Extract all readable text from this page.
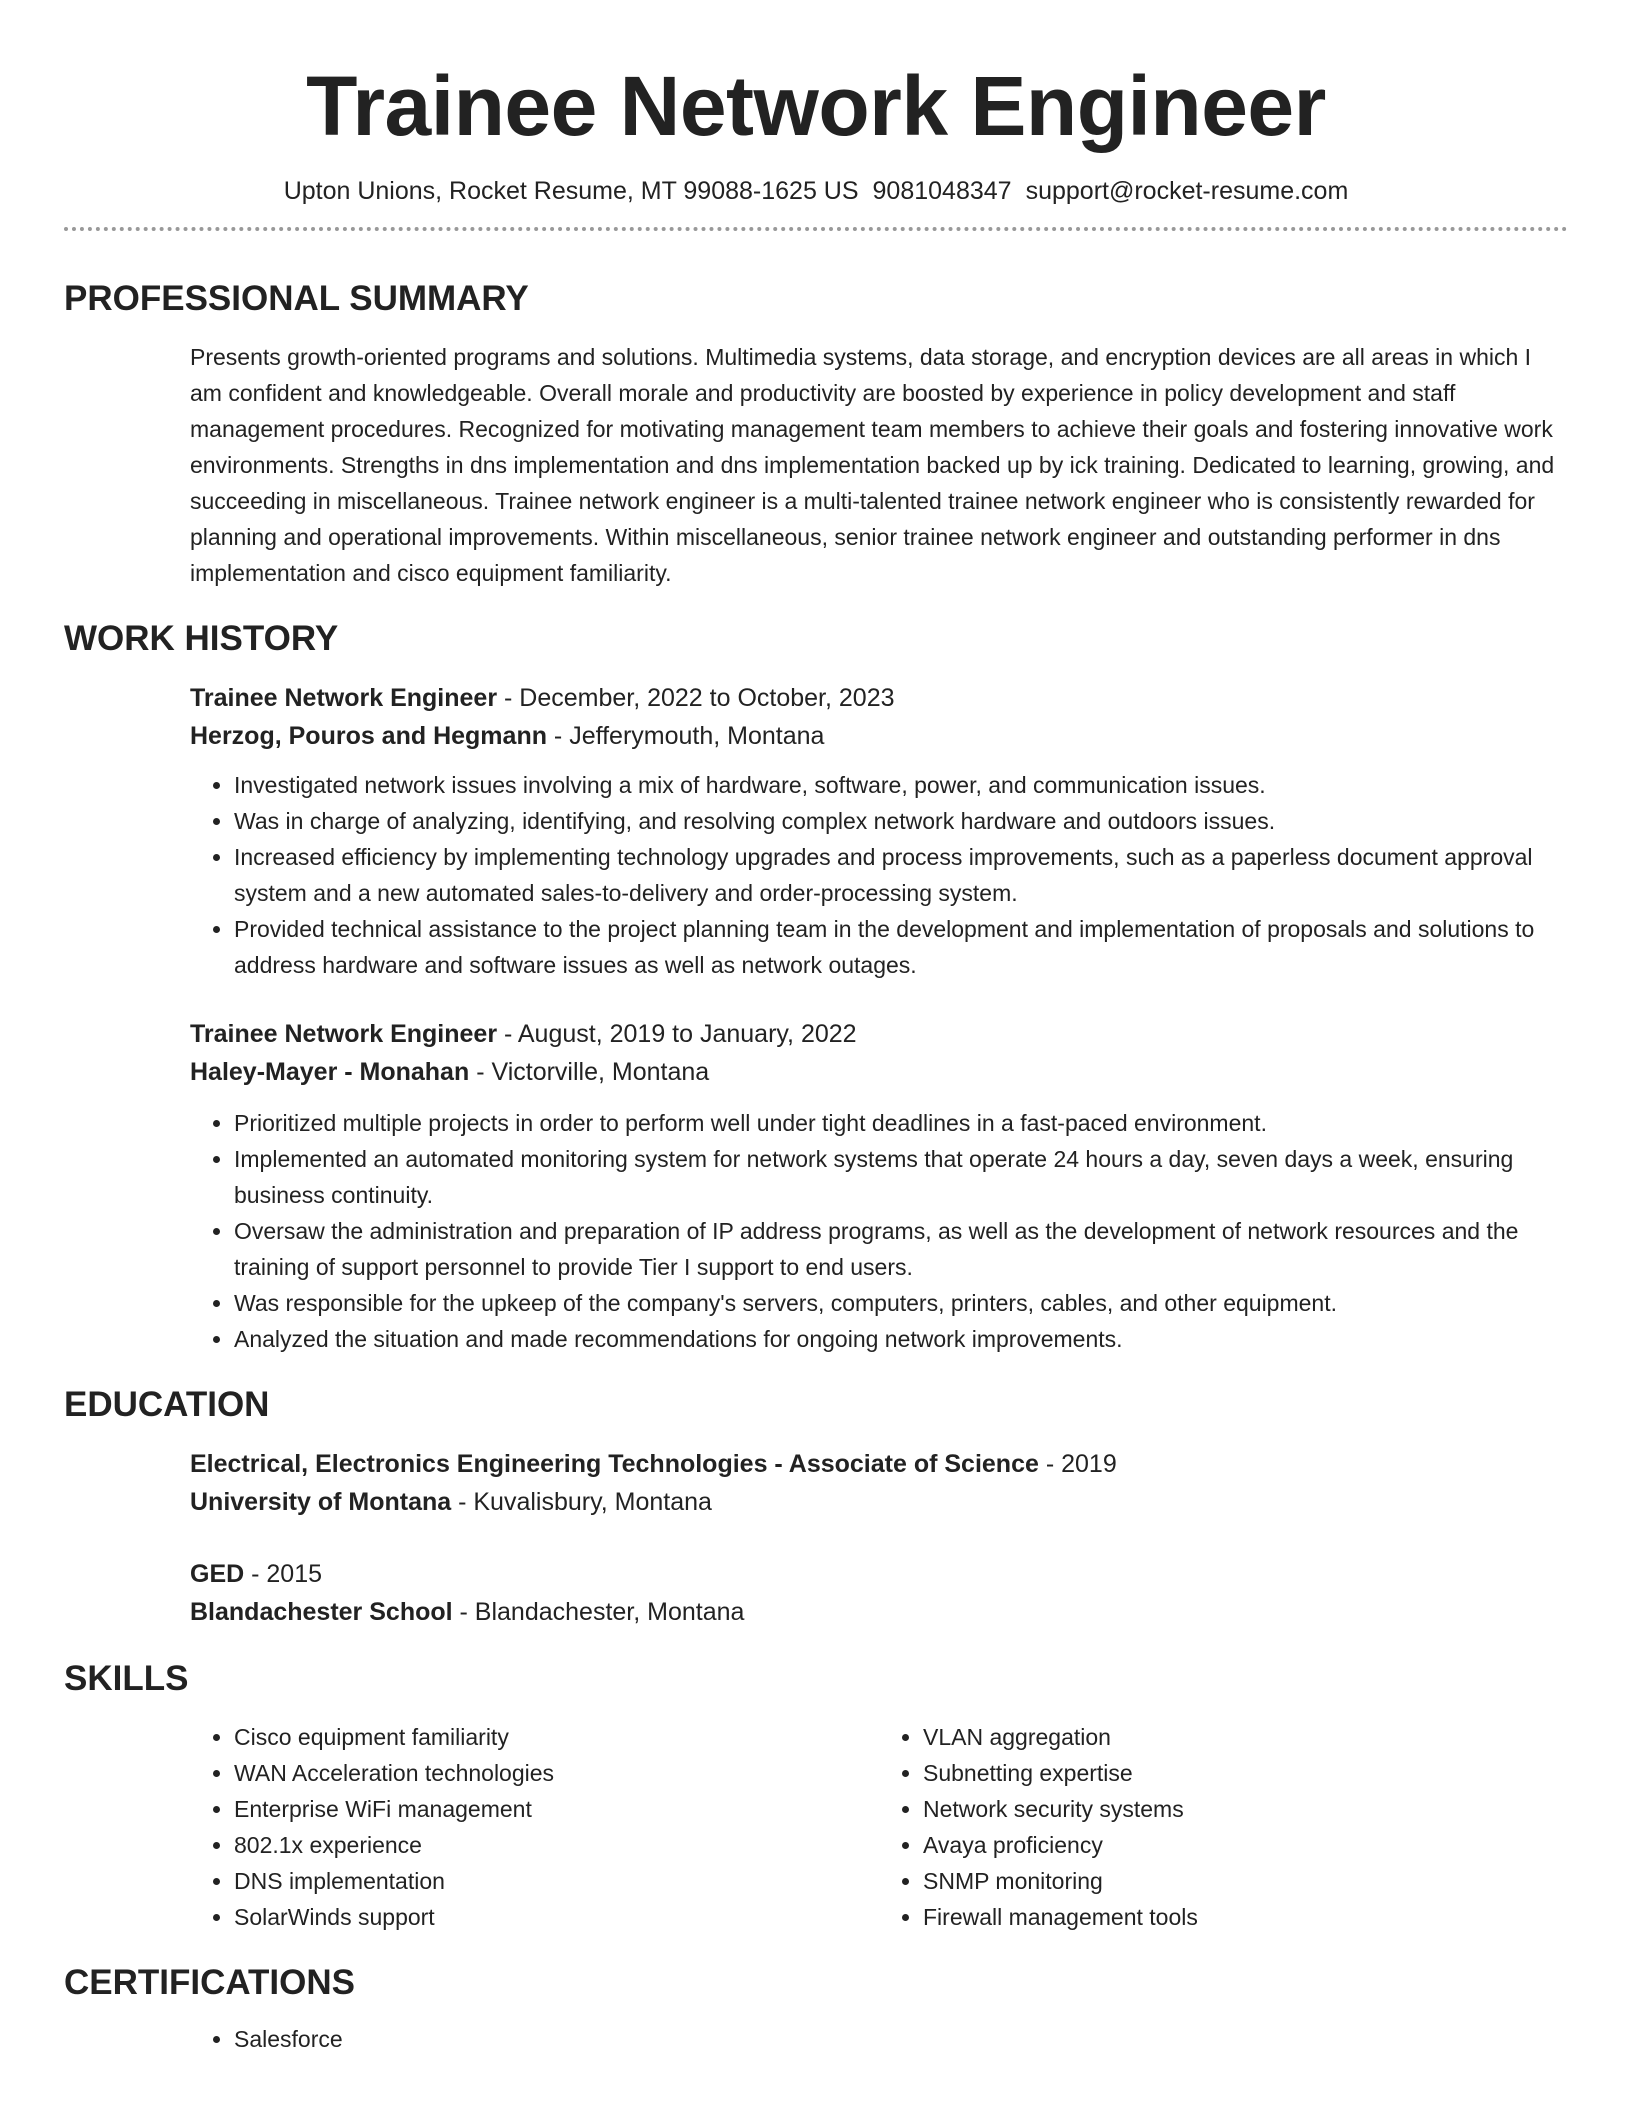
Trainee Network Engineer
Upton Unions, Rocket Resume, MT 99088-1625 US 9081048347 support@rocket-resume.com
PROFESSIONAL SUMMARY

Presents growth-oriented programs and solutions. Multimedia systems, data storage, and encryption devices are all areas in which I am confident and knowledgeable. Overall morale and productivity are boosted by experience in policy development and staff management procedures. Recognized for motivating management team members to achieve their goals and fostering innovative work environments. Strengths in dns implementation and dns implementation backed up by ick training. Dedicated to learning, growing, and succeeding in miscellaneous. Trainee network engineer is a multi-talented trainee network engineer who is consistently rewarded for planning and operational improvements. Within miscellaneous, senior trainee network engineer and outstanding performer in dns implementation and cisco equipment familiarity.

WORK HISTORY

Trainee Network Engineer - December, 2022 to October, 2023

Herzog, Pouros and Hegmann - Jefferymouth, Montana

• Investigated network issues involving a mix of hardware, software, power, and communication issues.
• Was in charge of analyzing, identifying, and resolving complex network hardware and outdoors issues.
• Increased efficiency by implementing technology upgrades and process improvements, such as a paperless document approval system and a new automated sales-to-delivery and order-processing system.
• Provided technical assistance to the project planning team in the development and implementation of proposals and solutions to address hardware and software issues as well as network outages.

Trainee Network Engineer - August, 2019 to January, 2022

Haley-Mayer - Monahan - Victorville, Montana

• Prioritized multiple projects in order to perform well under tight deadlines in a fast-paced environment.
• Implemented an automated monitoring system for network systems that operate 24 hours a day, seven days a week, ensuring business continuity.
• Oversaw the administration and preparation of IP address programs, as well as the development of network resources and the training of support personnel to provide Tier I support to end users.
• Was responsible for the upkeep of the company's servers, computers, printers, cables, and other equipment.
• Analyzed the situation and made recommendations for ongoing network improvements.
EDUCATION

Electrical, Electronics Engineering Technologies - Associate of Science - 2019

University of Montana - Kuvalisbury, Montana

GED - 2015

Blandachester School - Blandachester, Montana

SKILLS
• Cisco equipment familiarity
• WAN Acceleration technologies
• Enterprise WiFi management
• 802.1x experience
• DNS implementation
• SolarWinds support
• VLAN aggregation
• Subnetting expertise
• Network security systems
• Avaya proficiency
• SNMP monitoring
• Firewall management tools
CERTIFICATIONS
• Salesforce
